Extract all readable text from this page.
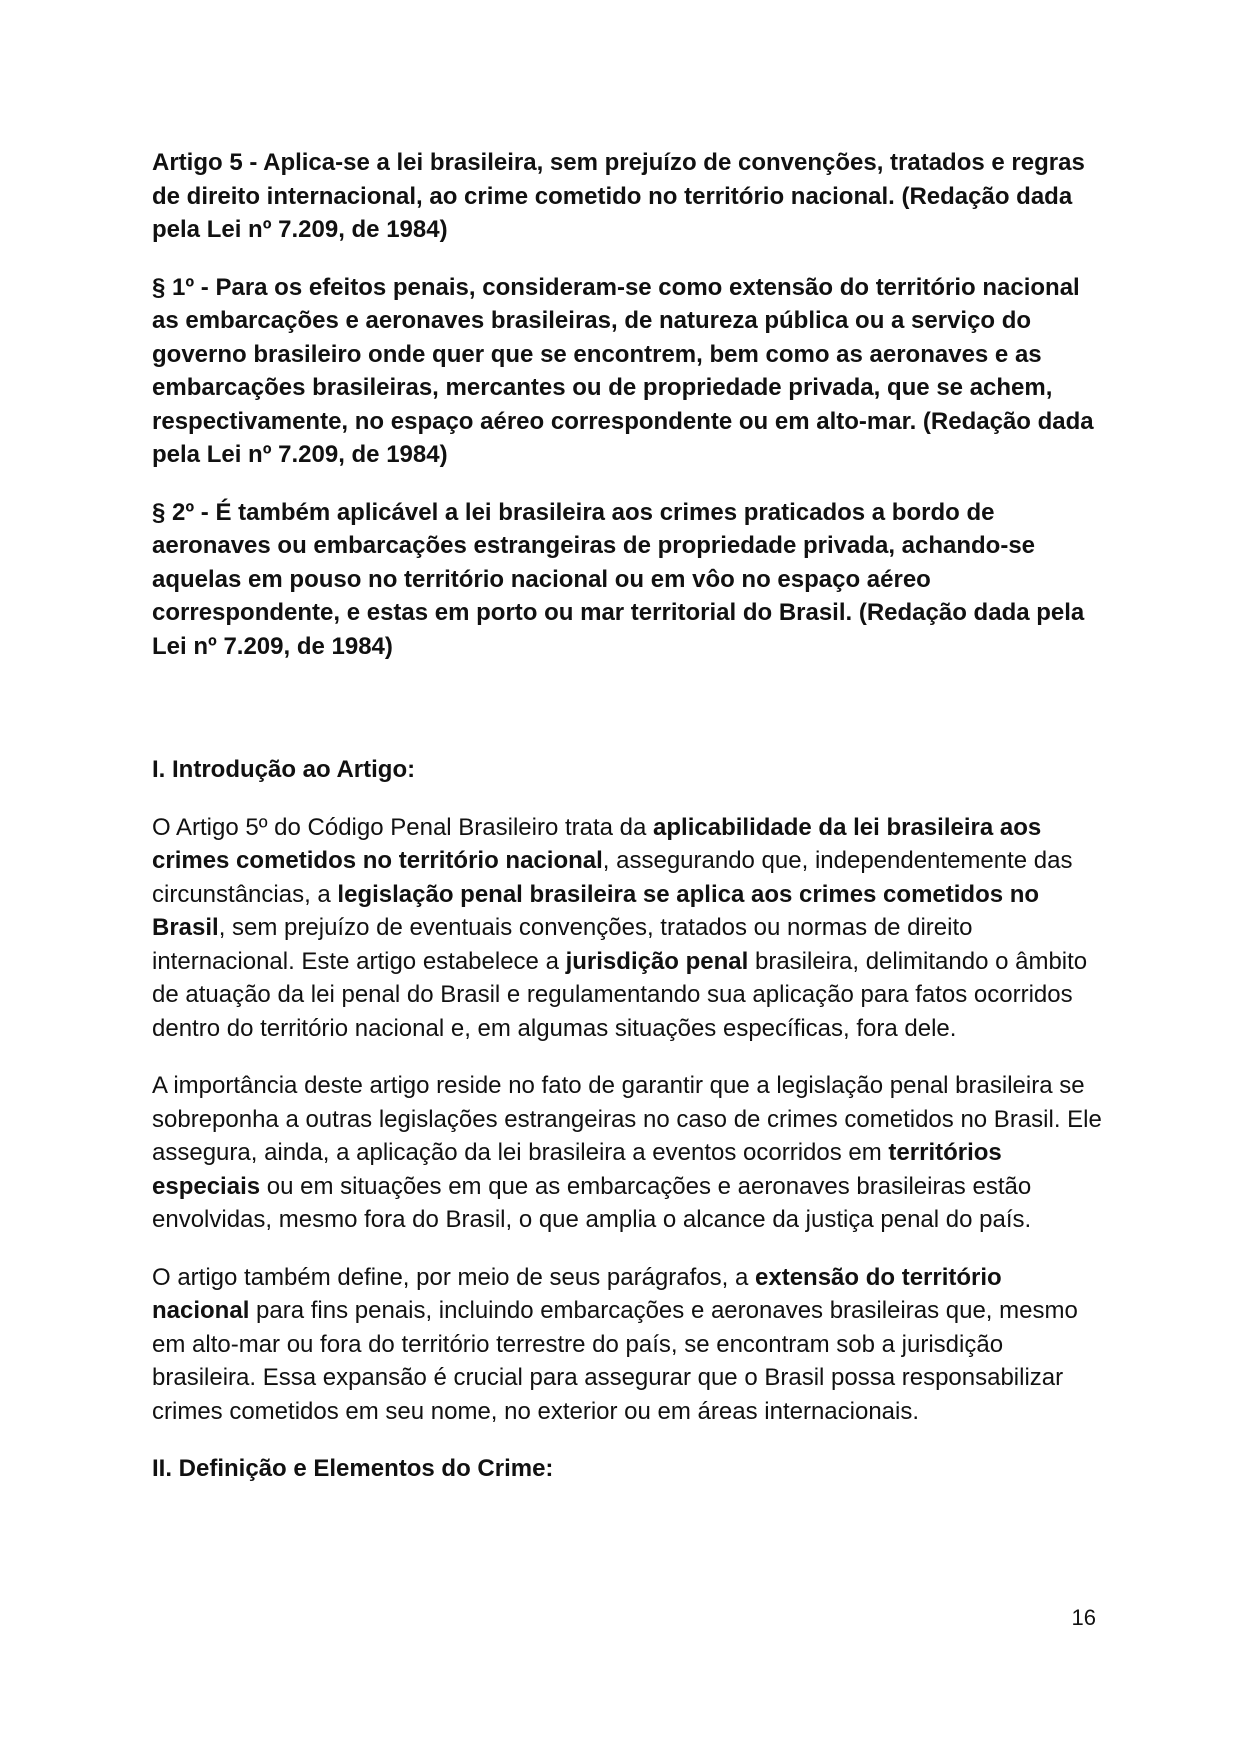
Artigo 5 - Aplica-se a lei brasileira, sem prejuízo de convenções, tratados e regras de direito internacional, ao crime cometido no território nacional. (Redação dada pela Lei nº 7.209, de 1984)

§ 1º - Para os efeitos penais, consideram-se como extensão do território nacional as embarcações e aeronaves brasileiras, de natureza pública ou a serviço do governo brasileiro onde quer que se encontrem, bem como as aeronaves e as embarcações brasileiras, mercantes ou de propriedade privada, que se achem, respectivamente, no espaço aéreo correspondente ou em alto-mar. (Redação dada pela Lei nº 7.209, de 1984)

§ 2º - É também aplicável a lei brasileira aos crimes praticados a bordo de aeronaves ou embarcações estrangeiras de propriedade privada, achando-se aquelas em pouso no território nacional ou em vôo no espaço aéreo correspondente, e estas em porto ou mar territorial do Brasil. (Redação dada pela Lei nº 7.209, de 1984)

I. Introdução ao Artigo:

O Artigo 5º do Código Penal Brasileiro trata da aplicabilidade da lei brasileira aos crimes cometidos no território nacional, assegurando que, independentemente das circunstâncias, a legislação penal brasileira se aplica aos crimes cometidos no Brasil, sem prejuízo de eventuais convenções, tratados ou normas de direito internacional. Este artigo estabelece a jurisdição penal brasileira, delimitando o âmbito de atuação da lei penal do Brasil e regulamentando sua aplicação para fatos ocorridos dentro do território nacional e, em algumas situações específicas, fora dele.

A importância deste artigo reside no fato de garantir que a legislação penal brasileira se sobreponha a outras legislações estrangeiras no caso de crimes cometidos no Brasil. Ele assegura, ainda, a aplicação da lei brasileira a eventos ocorridos em territórios especiais ou em situações em que as embarcações e aeronaves brasileiras estão envolvidas, mesmo fora do Brasil, o que amplia o alcance da justiça penal do país.

O artigo também define, por meio de seus parágrafos, a extensão do território nacional para fins penais, incluindo embarcações e aeronaves brasileiras que, mesmo em alto-mar ou fora do território terrestre do país, se encontram sob a jurisdição brasileira. Essa expansão é crucial para assegurar que o Brasil possa responsabilizar crimes cometidos em seu nome, no exterior ou em áreas internacionais.

II. Definição e Elementos do Crime:
16
